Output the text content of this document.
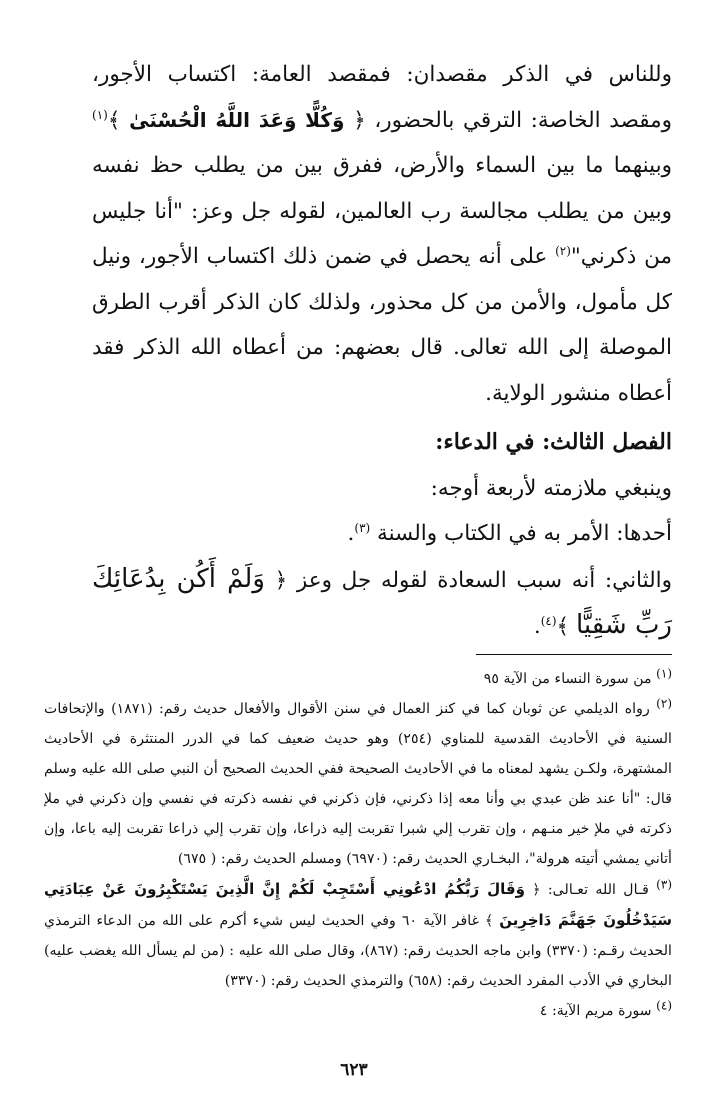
وللناس في الذكر مقصدان: فمقصد العامة: اكتساب الأجور، ومقصد الخاصة: الترقي بالحضور، ﴿ وَكُلًّا وَعَدَ اللَّهُ الْحُسْنَىٰ ﴾$^{(١)}$ وبينهما ما بين السماء والأرض، ففرق بين من يطلب حظ نفسه وبين من يطلب مجالسة رب العالمين، لقوله جل وعز: "أنا جليس من ذكرني"$^{(٢)}$ على أنه يحصل في ضمن ذلك اكتساب الأجور، ونيل كل مأمول، والأمن من كل محذور، ولذلك كان الذكر أقرب الطرق الموصلة إلى الله تعالى. قال بعضهم: من أعطاه الله الذكر فقد أعطاه منشور الولاية.

الفصل الثالث: في الدعاء:

وينبغي ملازمته لأربعة أوجه:

أحدها: الأمر به في الكتاب والسنة $^{(٣)}$.

والثاني: أنه سبب السعادة لقوله جل وعز ﴿ وَلَمْ أَكُن بِدُعَائِكَ رَبِّ شَقِيًّا ﴾$^{(٤)}$.

$^{(١)}$ من سورة النساء من الآية ٩٥

$^{(٢)}$ رواه الديلمي عن ثوبان كما في كنز العمال في سنن الأقوال والأفعال حديث رقم: (١٨٧١) والإتحافات السنية في الأحاديث القدسية للمناوي (٢٥٤) وهو حديث ضعيف كما في الدرر المنتثرة في الأحاديث المشتهرة، ولكـن يشهد لمعناه ما في الأحاديث الصحيحة ففي الحديث الصحيح أن النبي صلى الله عليه وسلم قال: "أنا عند ظن عبدي بي وأنا معه إذا ذكرني، فإن ذكرني في نفسه ذكرته في نفسي وإن ذكرني في ملإ ذكرته في ملإ خير منـهم ، وإن تقرب إلي شبرا تقربت إليه ذراعا، وإن تقرب إلي ذراعا تقربت إليه باعا، وإن أتاني يمشي أتيته هرولة"، البخـاري الحديث رقم: (٦٩٧٠) ومسلم الحديث رقم: ( ٦٧٥)

$^{(٣)}$ قـال الله تعـالى: ﴿ وَقَالَ رَبُّكُمُ ادْعُونِي أَسْتَجِبْ لَكُمْ إِنَّ الَّذِينَ يَسْتَكْبِرُونَ عَنْ عِبَادَتِي سَيَدْخُلُونَ جَهَنَّمَ دَاخِرِينَ ﴾ غافر الآية ٦٠ وفي الحديث ليس شيء أكرم على الله من الدعاء الترمذي الحديث رقـم: (٣٣٧٠) وابن ماجه الحديث رقم: (٨٦٧)، وقال صلى الله عليه : (من لم يسأل الله يغضب عليه) البخاري في الأدب المفرد الحديث رقم: (٦٥٨) والترمذي الحديث رقم: (٣٣٧٠)

$^{(٤)}$ سورة مريم الآية: ٤

٦٢٣
